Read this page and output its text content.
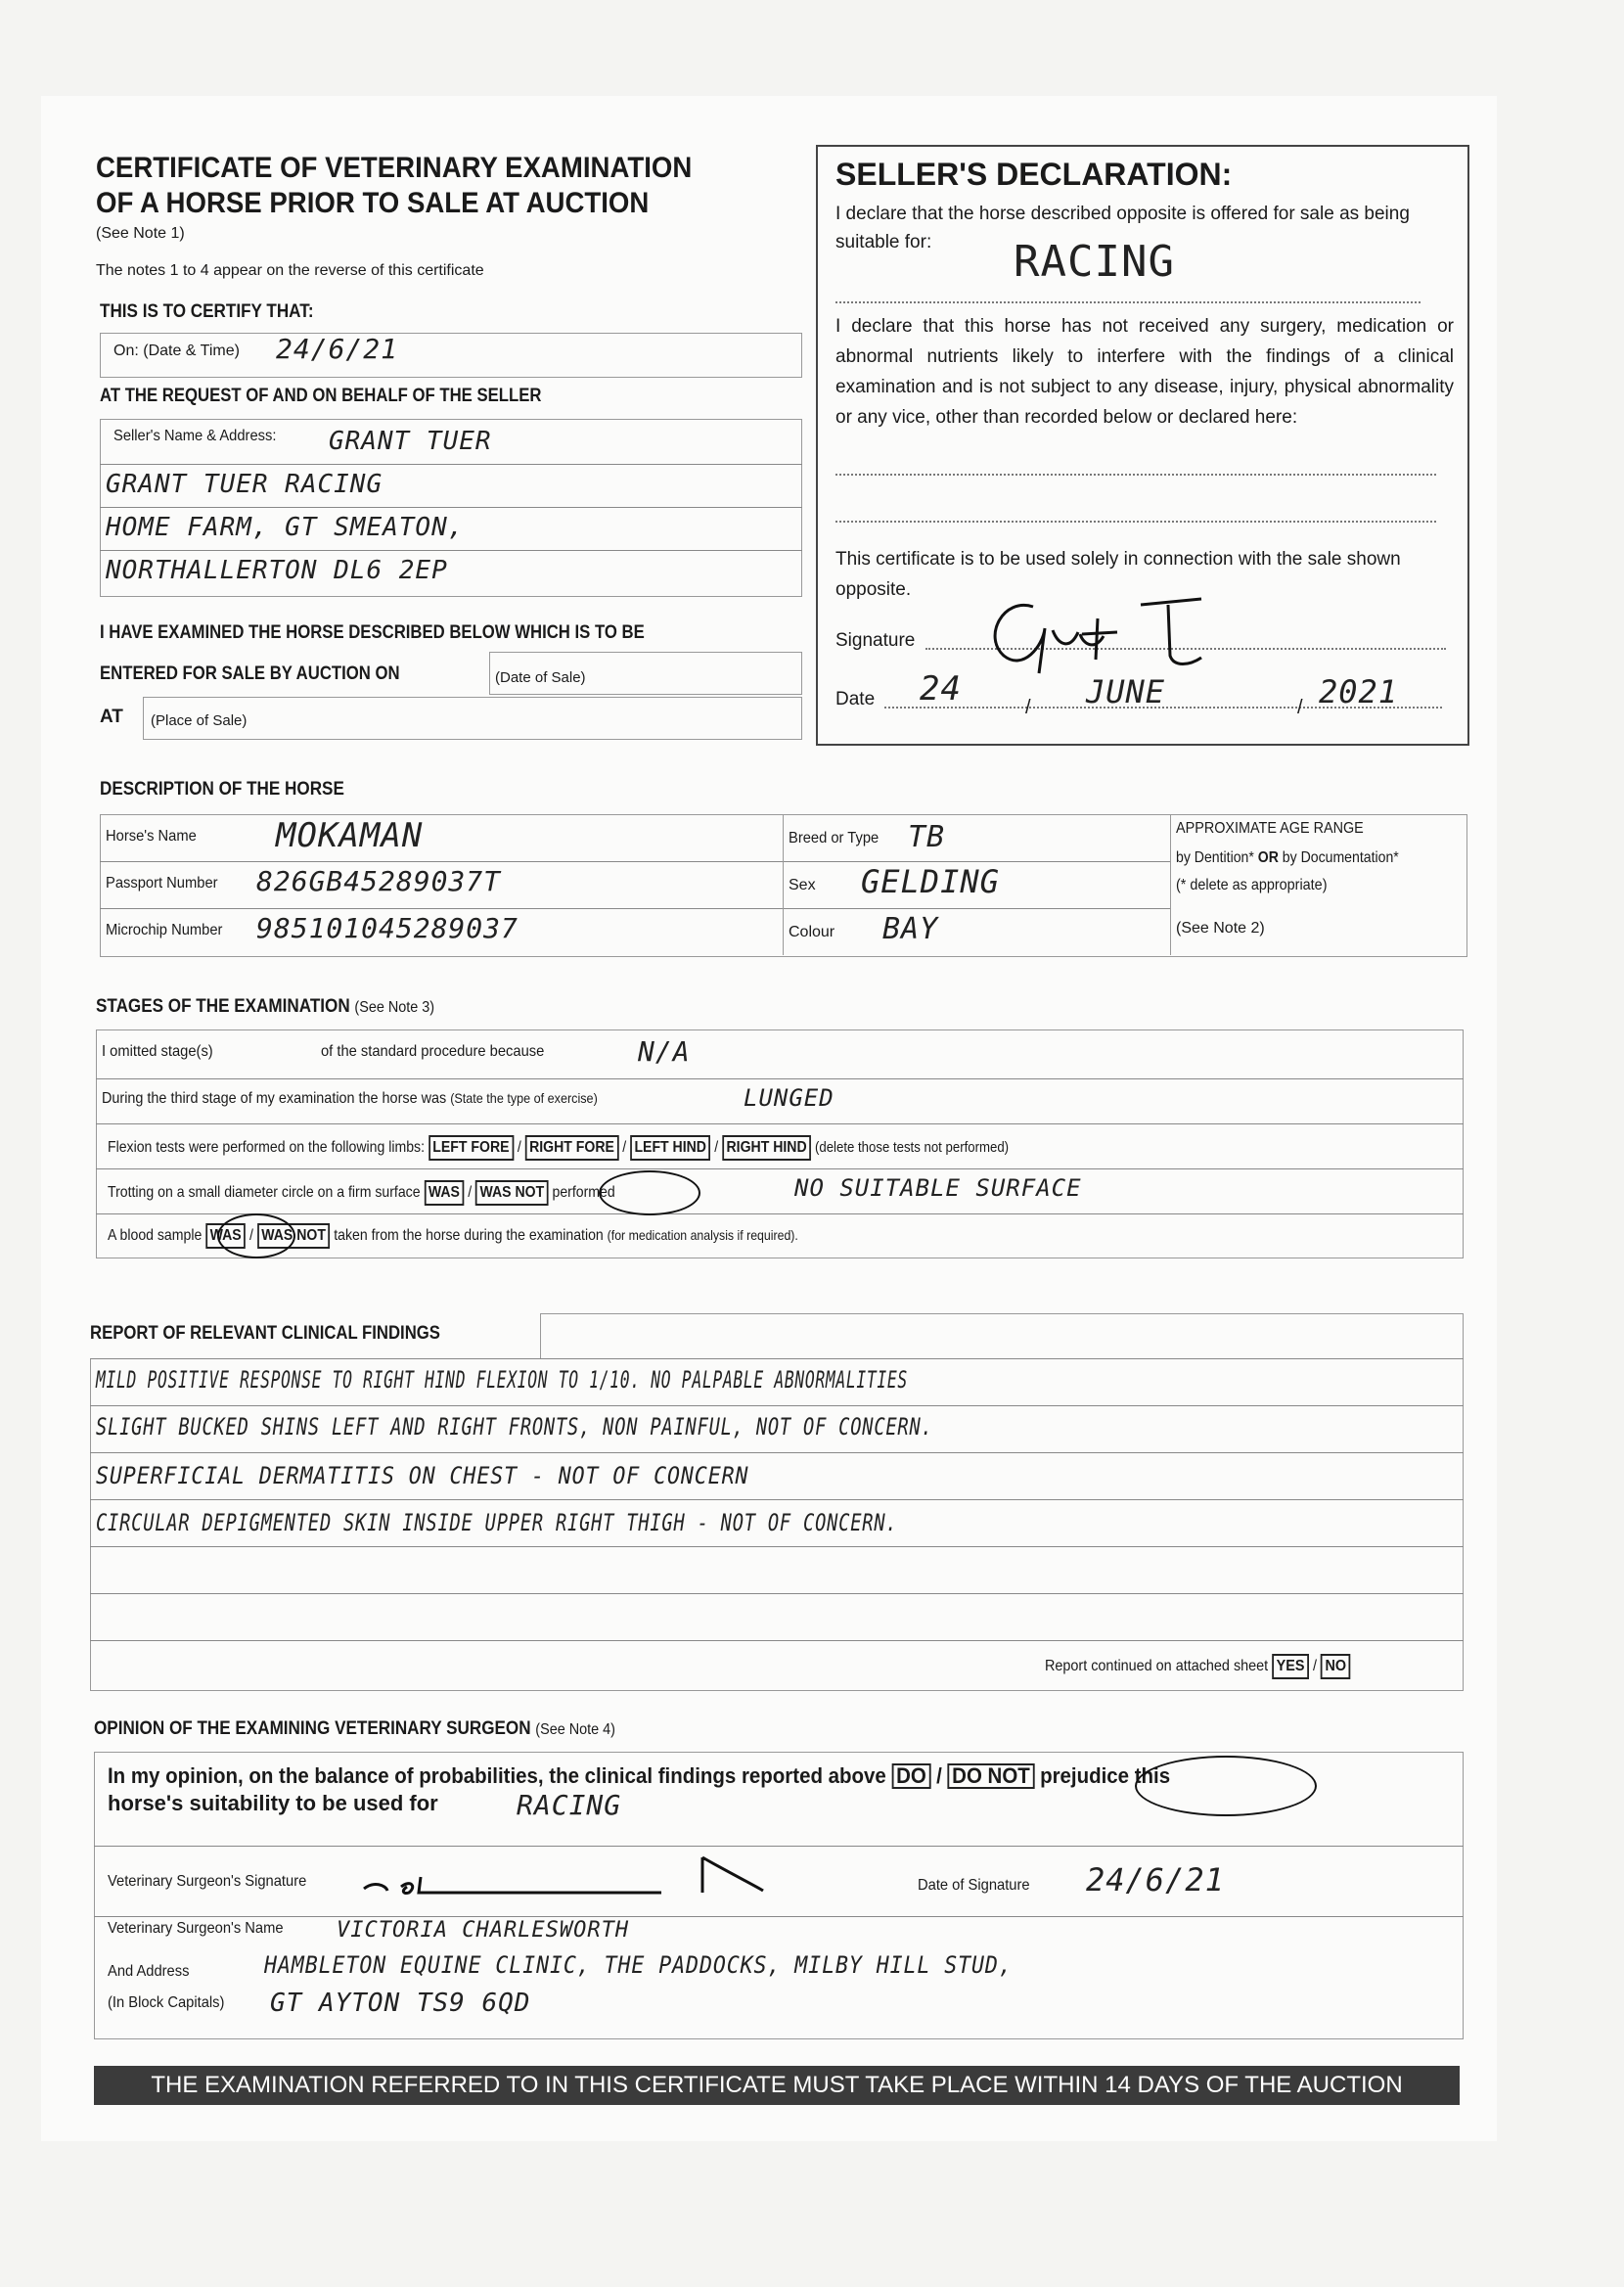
CERTIFICATE OF VETERINARY EXAMINATION
OF A HORSE PRIOR TO SALE AT AUCTION
(See Note 1)
The notes 1 to 4 appear on the reverse of this certificate
THIS IS TO CERTIFY THAT:
On: (Date & Time) 24/6/21
AT THE REQUEST OF AND ON BEHALF OF THE SELLER
Seller's Name & Address: GRANT TUER
GRANT TUER RACING
HOME FARM, GT SMEATON,
NORTHALLERTON DL6 2EP
I HAVE EXAMINED THE HORSE DESCRIBED BELOW WHICH IS TO BE
ENTERED FOR SALE BY AUCTION ON	(Date of Sale)
AT (Place of Sale)
SELLER'S DECLARATION:
I declare that the horse described opposite is offered for sale as being suitable for:	RACING
I declare that this horse has not received any surgery, medication or abnormal nutrients likely to interfere with the findings of a clinical examination and is not subject to any disease, injury, physical abnormality or any vice, other than recorded below or declared here:
This certificate is to be used solely in connection with the sale shown opposite.
Signature
Date 24	/ JUNE	/ 2021
DESCRIPTION OF THE HORSE
Horse's Name MOKAMAN
Passport Number 826GB45289037T
Microchip Number 985101045289037
Breed or Type TB
Sex GELDING
Colour BAY
APPROXIMATE AGE RANGE
by Dentition* OR by Documentation*
(* delete as appropriate)
(See Note 2)
STAGES OF THE EXAMINATION (See Note 3)
I omitted stage(s)	of the standard procedure because	N/A
During the third stage of my examination the horse was (State the type of exercise)	LUNGED
Flexion tests were performed on the following limbs: LEFT FORE / RIGHT FORE / LEFT HIND / RIGHT HIND (delete those tests not performed)
Trotting on a small diameter circle on a firm surface WAS / WAS NOT performed	NO SUITABLE SURFACE
A blood sample WAS / WAS NOT taken from the horse during the examination (for medication analysis if required).
REPORT OF RELEVANT CLINICAL FINDINGS
MILD POSITIVE RESPONSE TO RIGHT HIND FLEXION TO 1/10. NO PALPABLE ABNORMALITIES
SLIGHT BUCKED SHINS LEFT AND RIGHT FRONTS, NON PAINFUL, NOT OF CONCERN.
SUPERFICIAL DERMATITIS ON CHEST - NOT OF CONCERN
CIRCULAR DEPIGMENTED SKIN INSIDE UPPER RIGHT THIGH - NOT OF CONCERN.
Report continued on attached sheet YES / NO
OPINION OF THE EXAMINING VETERINARY SURGEON (See Note 4)
In my opinion, on the balance of probabilities, the clinical findings reported above DO / DO NOT prejudice this
horse's suitability to be used for	RACING
Veterinary Surgeon's Signature	Date of Signature 24/6/21
Veterinary Surgeon's Name VICTORIA CHARLESWORTH
And Address	HAMBLETON EQUINE CLINIC, THE PADDOCKS, MILBY HILL STUD,
(In Block Capitals) GT AYTON TS9 6QD
THE EXAMINATION REFERRED TO IN THIS CERTIFICATE MUST TAKE PLACE WITHIN 14 DAYS OF THE AUCTION
